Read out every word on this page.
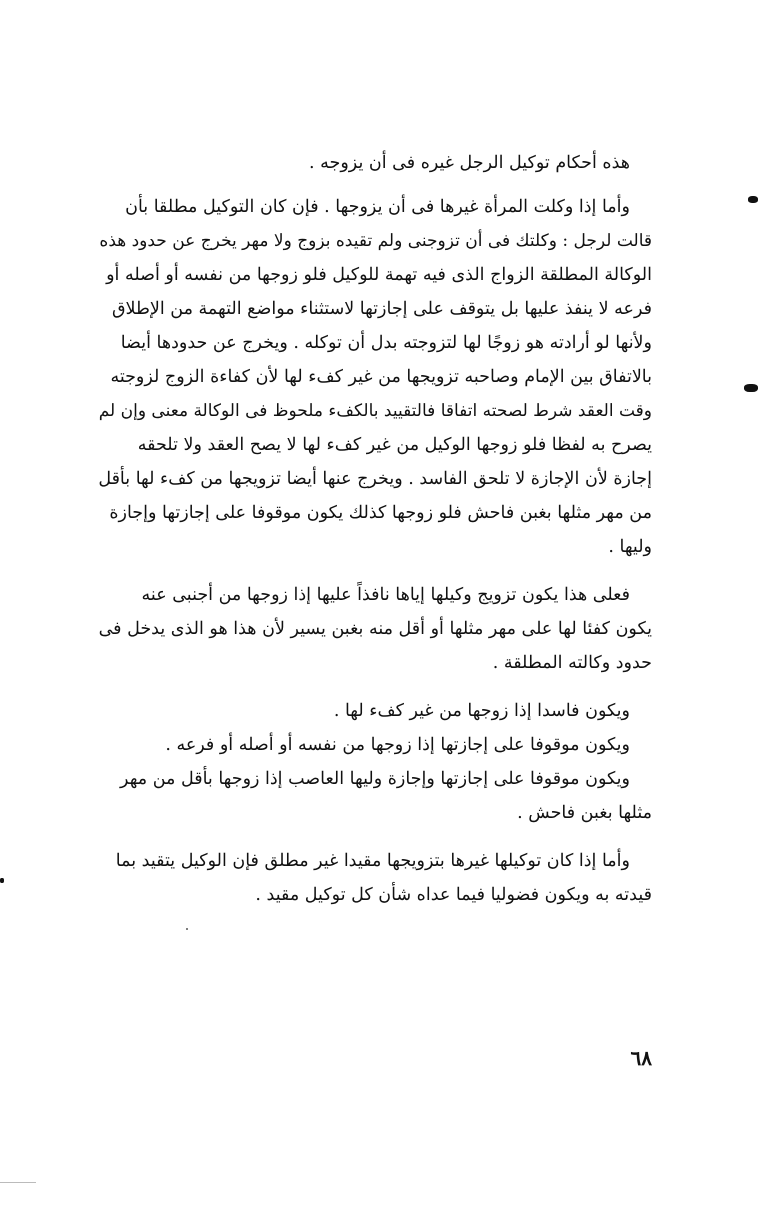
هذه أحكام توكيل الرجل غيره فى أن يزوجه .

وأما إذا وكلت المرأة غيرها فى أن يزوجها . فإن كان التوكيل مطلقا بأن
قالت لرجل : وكلتك فى أن تزوجنى ولم تقيده بزوج ولا مهر يخرج عن حدود هذه
الوكالة المطلقة الزواج الذى فيه تهمة للوكيل فلو زوجها من نفسه أو أصله أو
فرعه لا ينفذ عليها بل يتوقف على إجازتها لاستثناء مواضع التهمة من الإطلاق
ولأنها لو أرادته هو زوجًا لها لتزوجته بدل أن توكله . ويخرج عن حدودها أيضا
بالاتفاق بين الإمام وصاحبه تزويجها من غير كفء لها لأن كفاءة الزوج لزوجته
وقت العقد شرط لصحته اتفاقا فالتقييد بالكفء ملحوظ فى الوكالة معنى وإن لم
يصرح به لفظا فلو زوجها الوكيل من غير كفء لها لا يصح العقد ولا تلحقه
إجازة لأن الإجازة لا تلحق الفاسد . ويخرج عنها أيضا تزويجها من كفء لها بأقل
من مهر مثلها بغبن فاحش فلو زوجها كذلك يكون موقوفا على إجازتها وإجازة
وليها .

فعلى هذا يكون تزويج وكيلها إياها نافذاً عليها إذا زوجها من أجنبى عنه
يكون كفئا لها على مهر مثلها أو أقل منه بغبن يسير لأن هذا هو الذى يدخل فى
حدود وكالته المطلقة .

ويكون فاسدا إذا زوجها من غير كفء لها .
ويكون موقوفا على إجازتها إذا زوجها من نفسه أو أصله أو فرعه .
ويكون موقوفا على إجازتها وإجازة وليها العاصب إذا زوجها بأقل من مهر
مثلها بغبن فاحش .

وأما إذا كان توكيلها غيرها بتزويجها مقيدا غير مطلق فإن الوكيل يتقيد بما
قيدته به ويكون فضوليا فيما عداه شأن كل توكيل مقيد .

٦٨
